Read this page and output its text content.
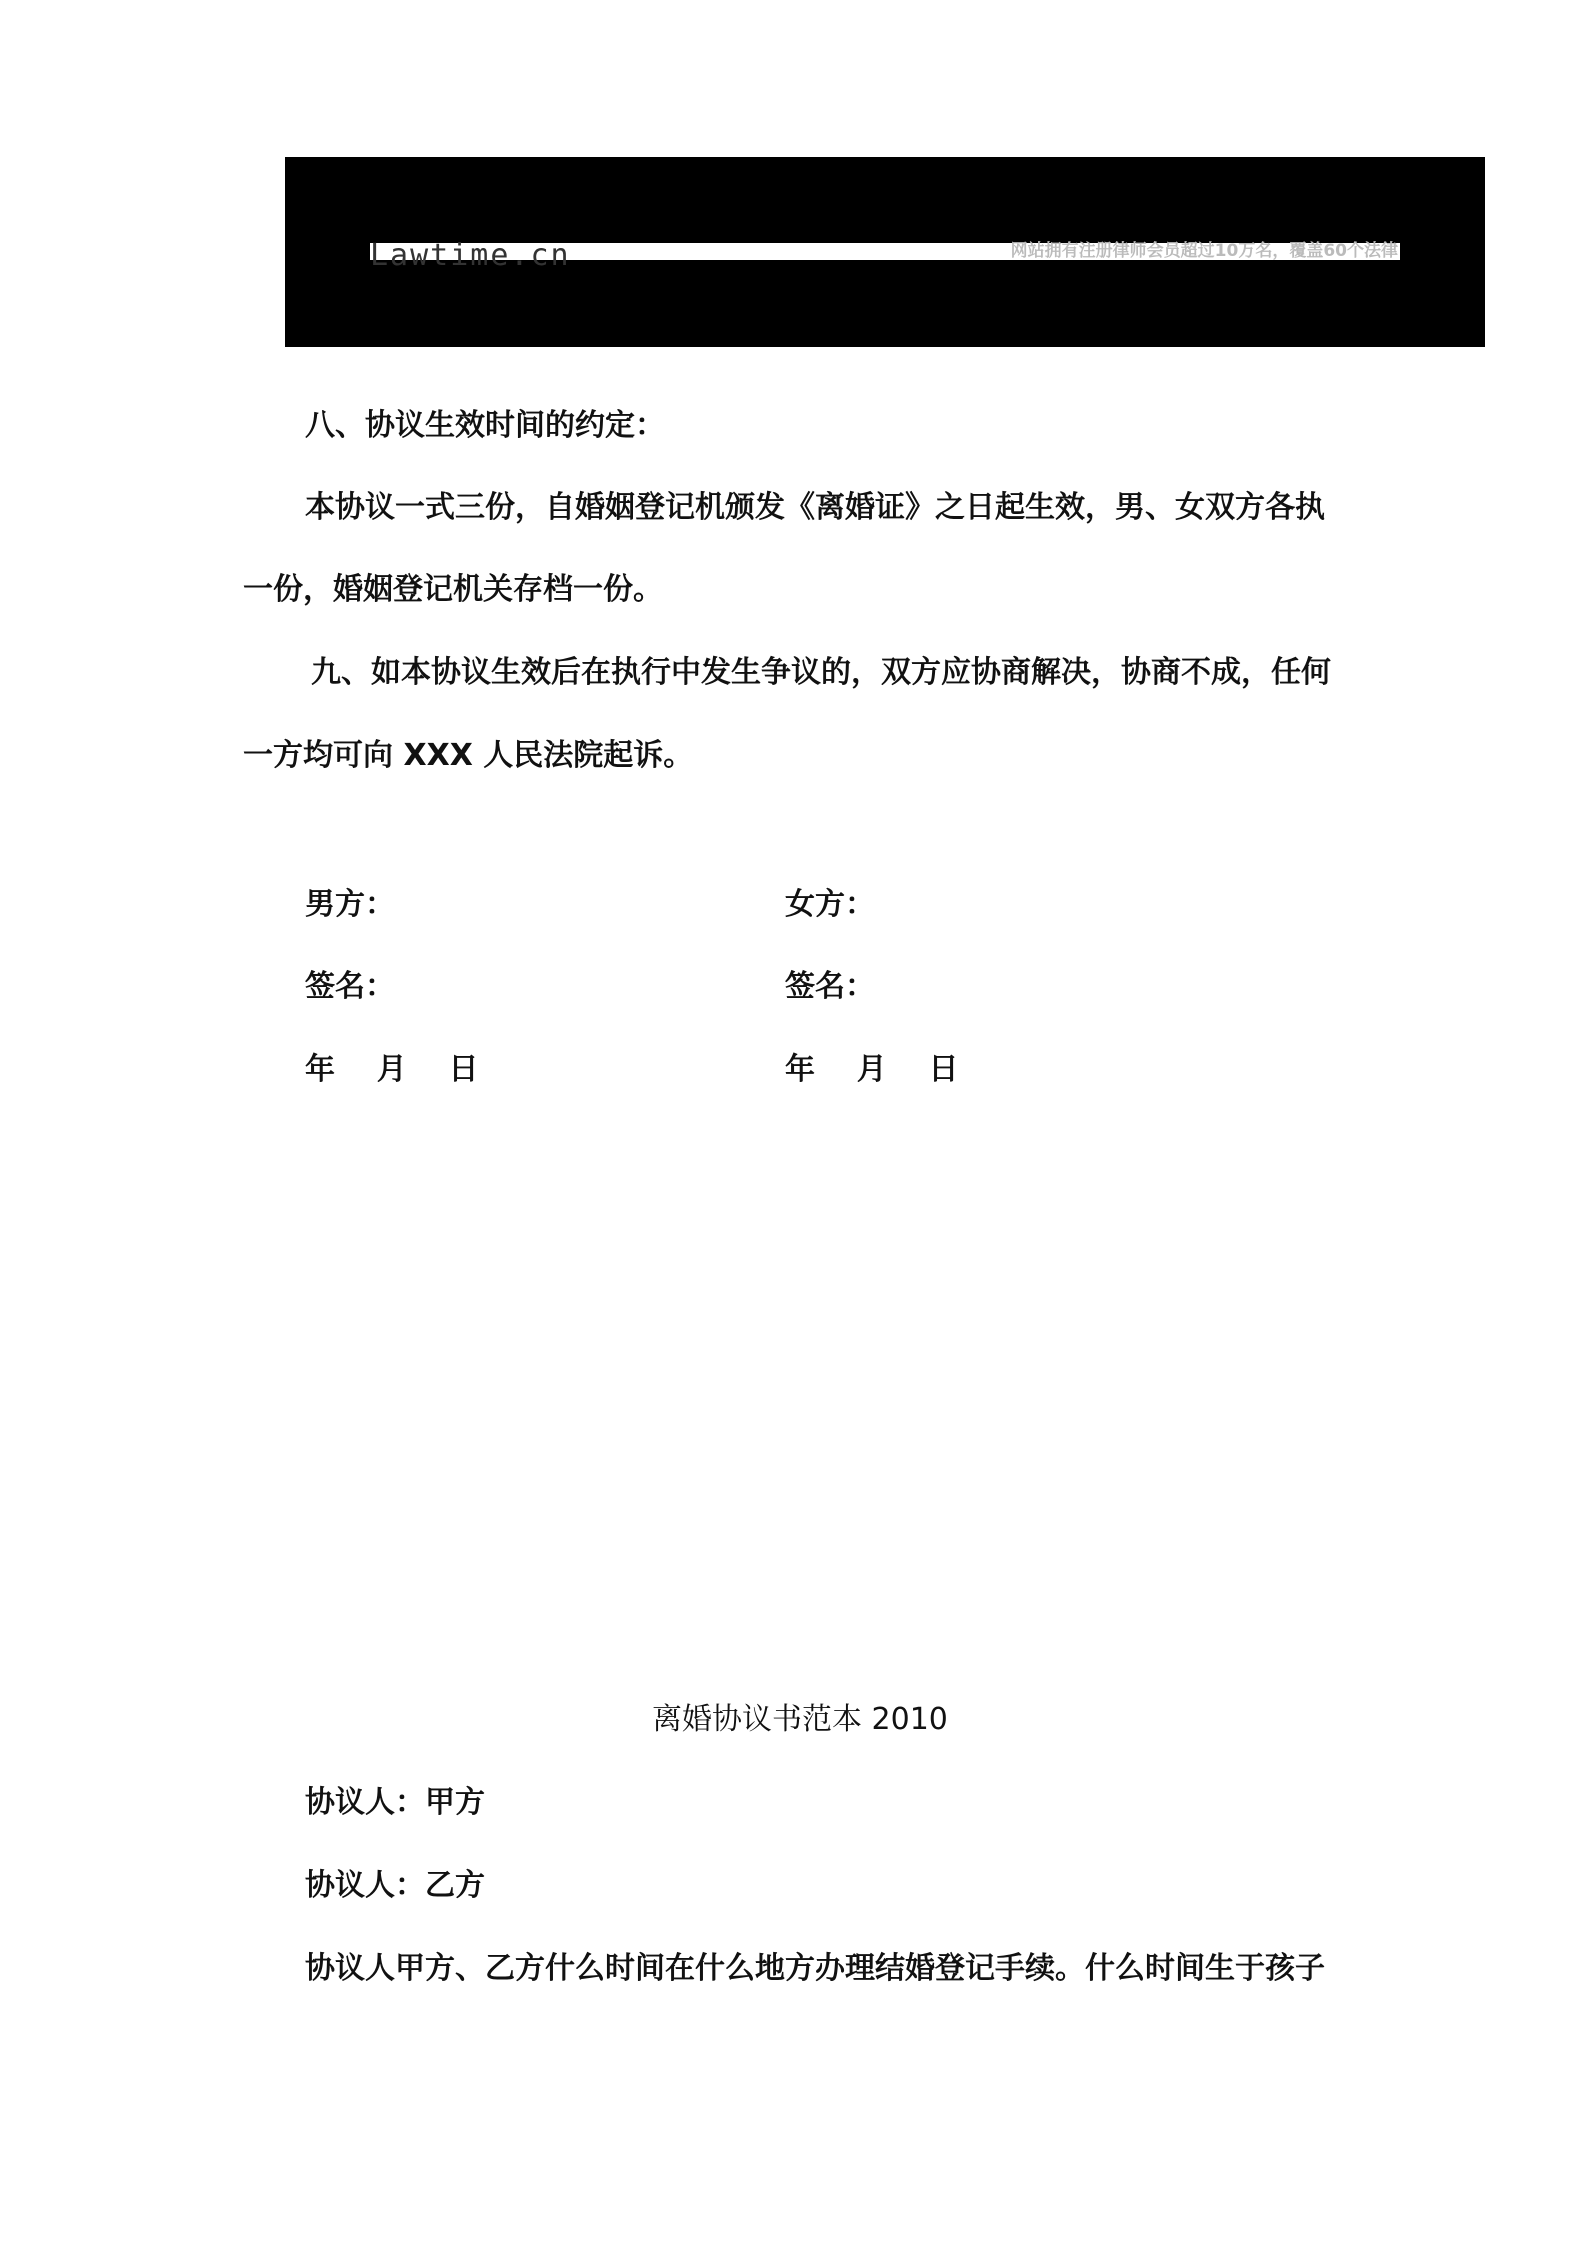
Lawtime.cn	网站拥有注册律师会员超过10万名，覆盖60个法律

八、协议生效时间的约定：

本协议一式三份，自婚姻登记机颁发《离婚证》之日起生效，男、女双方各执

一份，婚姻登记机关存档一份。

九、如本协议生效后在执行中发生争议的，双方应协商解决，协商不成，任何

一方均可向 XXX 人民法院起诉。

男方：	女方：

签名：	签名：

年    月    日	年    月    日

离婚协议书范本 2010

协议人：甲方

协议人：乙方

协议人甲方、乙方什么时间在什么地方办理结婚登记手续。什么时间生于孩子
